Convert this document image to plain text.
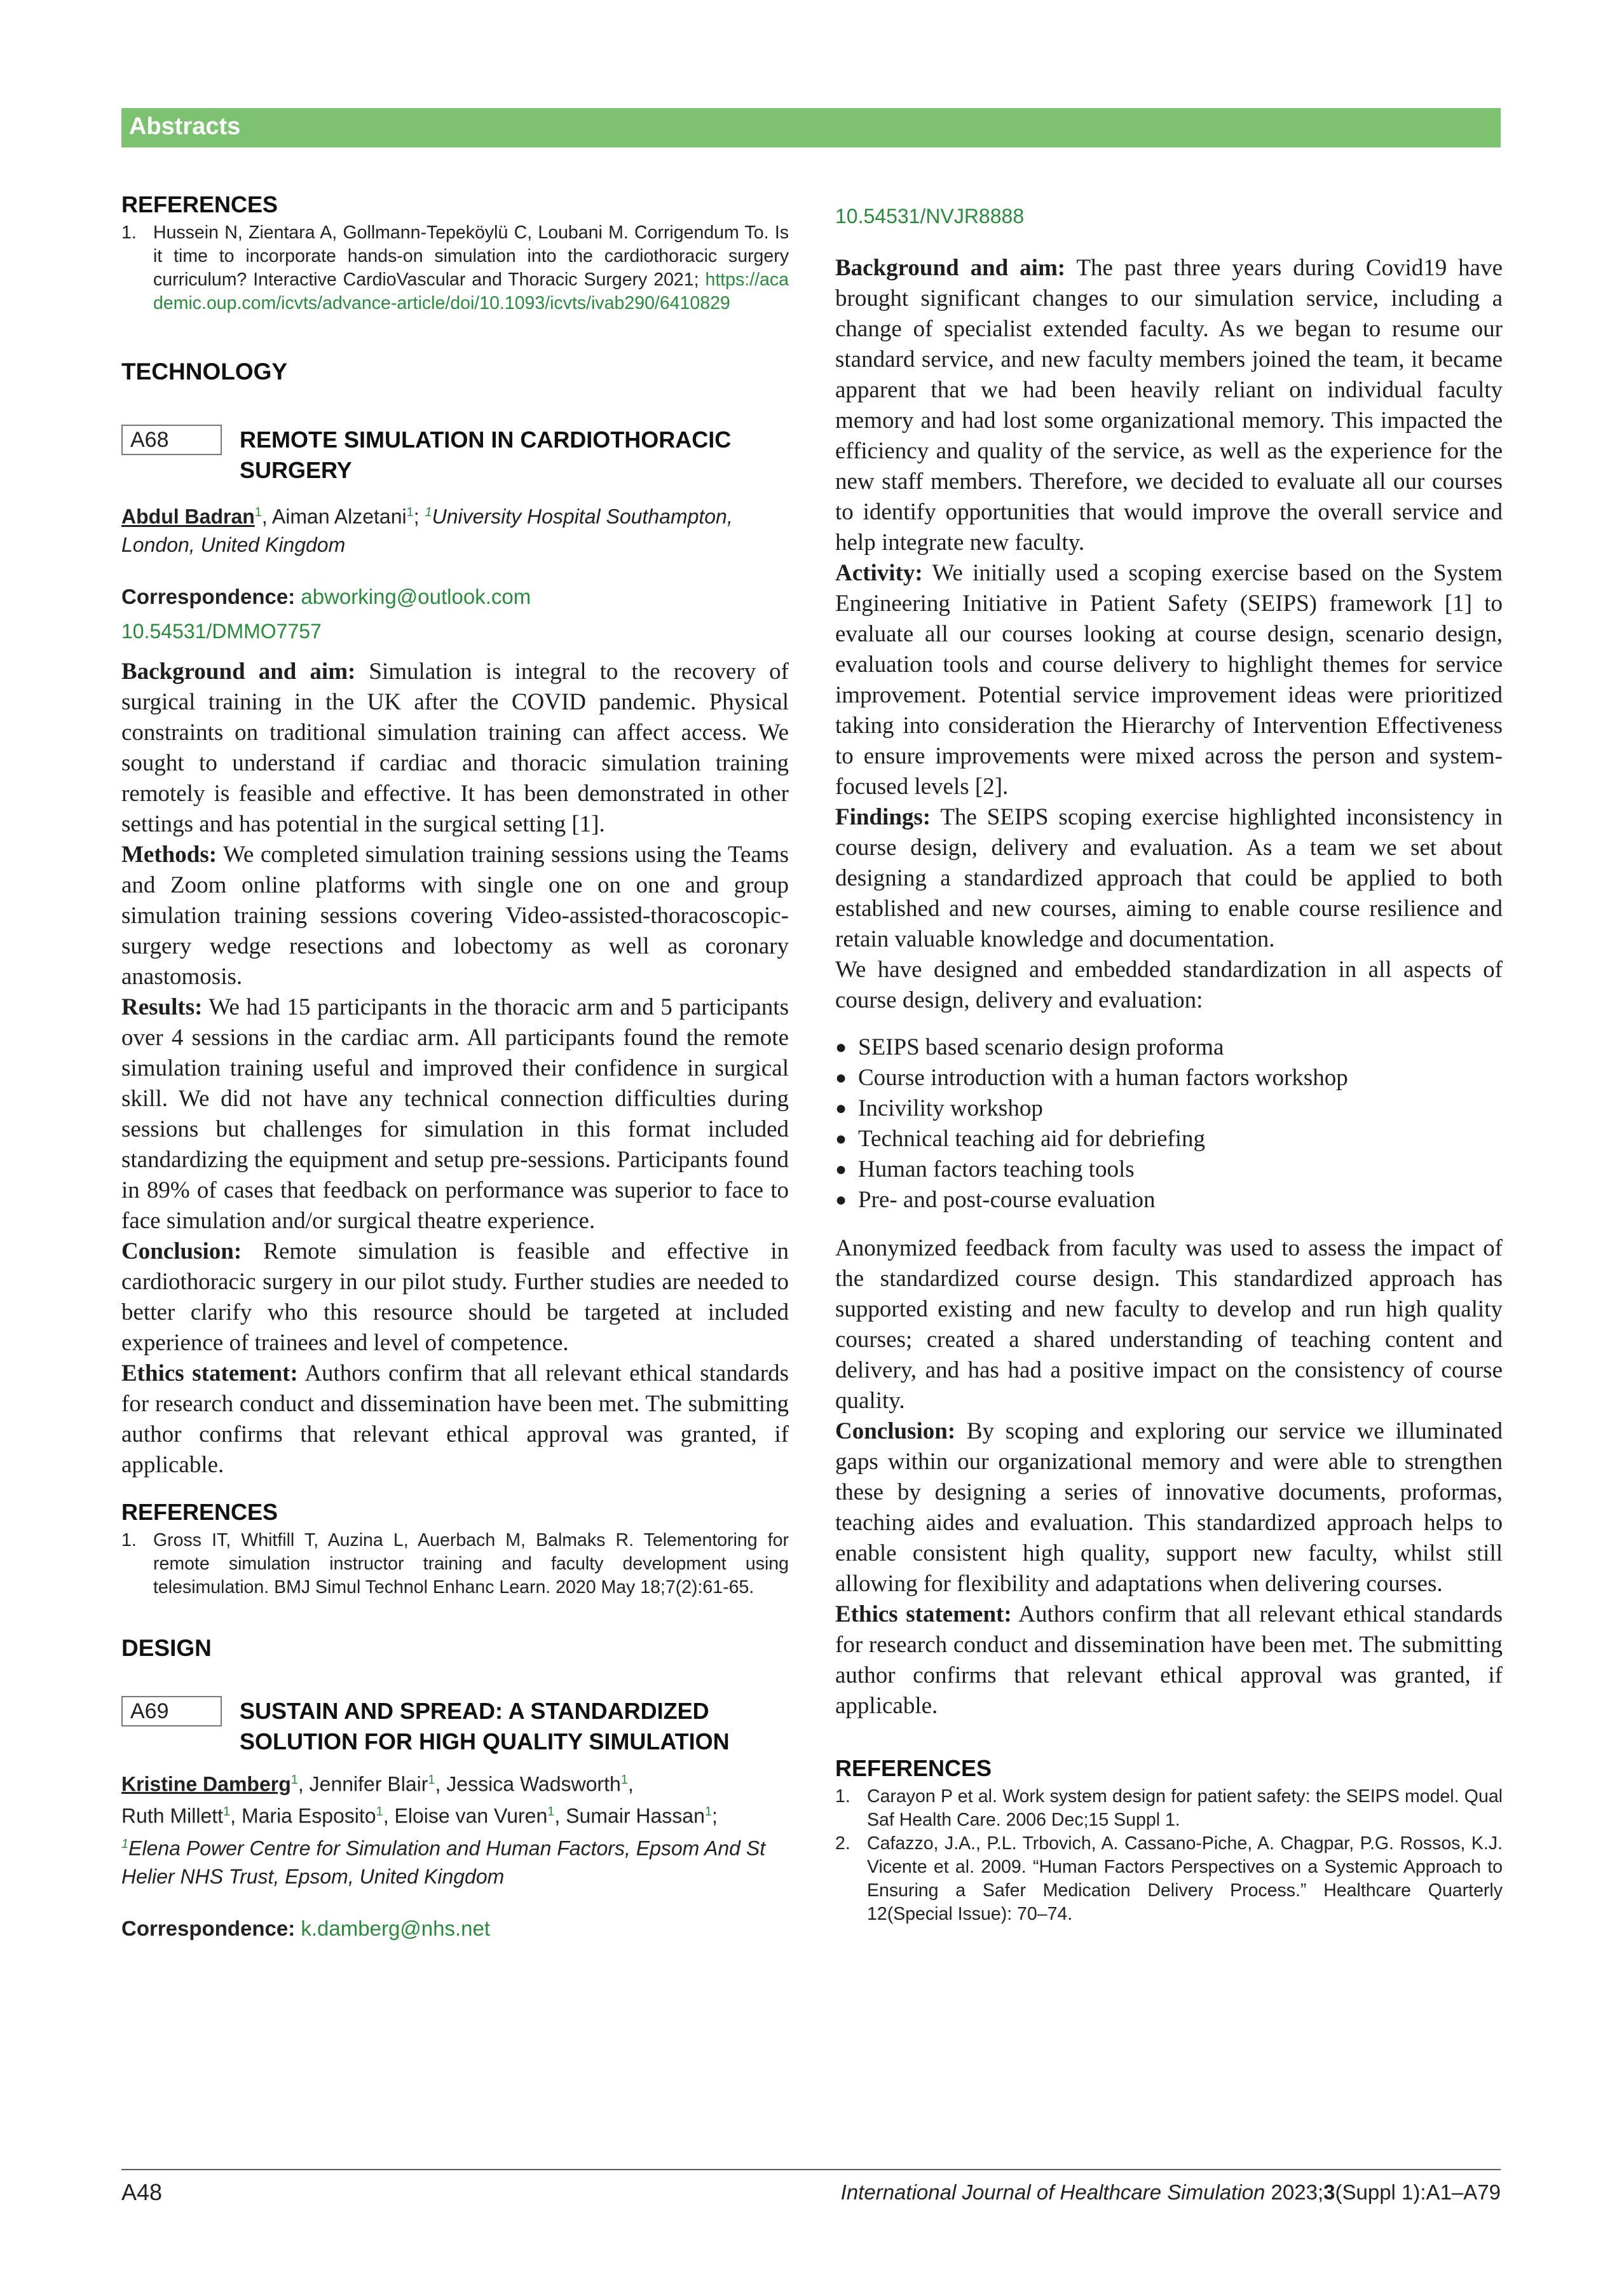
Abstracts
REFERENCES
1. Hussein N, Zientara A, Gollmann-Tepeköylü C, Loubani M. Corrigendum To. Is it time to incorporate hands-on simulation into the cardiothoracic surgery curriculum? Interactive CardioVascular and Thoracic Surgery 2021; https://academic.oup.com/icvts/advance-article/doi/10.1093/icvts/ivab290/6410829
TECHNOLOGY
A68	REMOTE SIMULATION IN CARDIOTHORACIC SURGERY
Abdul Badran$^1$, Aiman Alzetani$^1$; $^1$University Hospital Southampton, London, United Kingdom
Correspondence: abworking@outlook.com
10.54531/DMMO7757

Background and aim: Simulation is integral to the recovery of surgical training in the UK after the COVID pandemic. Physical constraints on traditional simulation training can affect access. We sought to understand if cardiac and thoracic simulation training remotely is feasible and effective. It has been demonstrated in other settings and has potential in the surgical setting [1].

Methods: We completed simulation training sessions using the Teams and Zoom online platforms with single one on one and group simulation training sessions covering Video-assisted-thoracoscopic-surgery wedge resections and lobectomy as well as coronary anastomosis.

Results: We had 15 participants in the thoracic arm and 5 participants over 4 sessions in the cardiac arm. All participants found the remote simulation training useful and improved their confidence in surgical skill. We did not have any technical connection difficulties during sessions but challenges for simulation in this format included standardizing the equipment and setup pre-sessions. Participants found in 89% of cases that feedback on performance was superior to face to face simulation and/or surgical theatre experience.

Conclusion: Remote simulation is feasible and effective in cardiothoracic surgery in our pilot study. Further studies are needed to better clarify who this resource should be targeted at included experience of trainees and level of competence.

Ethics statement: Authors confirm that all relevant ethical standards for research conduct and dissemination have been met. The submitting author confirms that relevant ethical approval was granted, if applicable.

REFERENCES
1. Gross IT, Whitfill T, Auzina L, Auerbach M, Balmaks R. Telementoring for remote simulation instructor training and faculty development using telesimulation. BMJ Simul Technol Enhanc Learn. 2020 May 18;7(2):61-65.
DESIGN
A69	SUSTAIN AND SPREAD: A STANDARDIZED SOLUTION FOR HIGH QUALITY SIMULATION
Kristine Damberg$^1$, Jennifer Blair$^1$, Jessica Wadsworth$^1$,
Ruth Millett$^1$, Maria Esposito$^1$, Eloise van Vuren$^1$, Sumair Hassan$^1$;
$^1$Elena Power Centre for Simulation and Human Factors, Epsom And St Helier NHS Trust, Epsom, United Kingdom
Correspondence: k.damberg@nhs.net
10.54531/NVJR8888

Background and aim: The past three years during Covid19 have brought significant changes to our simulation service, including a change of specialist extended faculty. As we began to resume our standard service, and new faculty members joined the team, it became apparent that we had been heavily reliant on individual faculty memory and had lost some organizational memory. This impacted the efficiency and quality of the service, as well as the experience for the new staff members. Therefore, we decided to evaluate all our courses to identify opportunities that would improve the overall service and help integrate new faculty.

Activity: We initially used a scoping exercise based on the System Engineering Initiative in Patient Safety (SEIPS) framework [1] to evaluate all our courses looking at course design, scenario design, evaluation tools and course delivery to highlight themes for service improvement. Potential service improvement ideas were prioritized taking into consideration the Hierarchy of Intervention Effectiveness to ensure improvements were mixed across the person and system-focused levels [2].

Findings: The SEIPS scoping exercise highlighted inconsistency in course design, delivery and evaluation. As a team we set about designing a standardized approach that could be applied to both established and new courses, aiming to enable course resilience and retain valuable knowledge and documentation.

We have designed and embedded standardization in all aspects of course design, delivery and evaluation:

● SEIPS based scenario design proforma
● Course introduction with a human factors workshop
● Incivility workshop
● Technical teaching aid for debriefing
● Human factors teaching tools
● Pre- and post-course evaluation

Anonymized feedback from faculty was used to assess the impact of the standardized course design. This standardized approach has supported existing and new faculty to develop and run high quality courses; created a shared understanding of teaching content and delivery, and has had a positive impact on the consistency of course quality.

Conclusion: By scoping and exploring our service we illuminated gaps within our organizational memory and were able to strengthen these by designing a series of innovative documents, proformas, teaching aides and evaluation. This standardized approach helps to enable consistent high quality, support new faculty, whilst still allowing for flexibility and adaptations when delivering courses.

Ethics statement: Authors confirm that all relevant ethical standards for research conduct and dissemination have been met. The submitting author confirms that relevant ethical approval was granted, if applicable.

REFERENCES
1. Carayon P et al. Work system design for patient safety: the SEIPS model. Qual Saf Health Care. 2006 Dec;15 Suppl 1.
2. Cafazzo, J.A., P.L. Trbovich, A. Cassano-Piche, A. Chagpar, P.G. Rossos, K.J. Vicente et al. 2009. “Human Factors Perspectives on a Systemic Approach to Ensuring a Safer Medication Delivery Process.” Healthcare Quarterly 12(Special Issue): 70–74.
A48	International Journal of Healthcare Simulation 2023;3(Suppl 1):A1–A79
